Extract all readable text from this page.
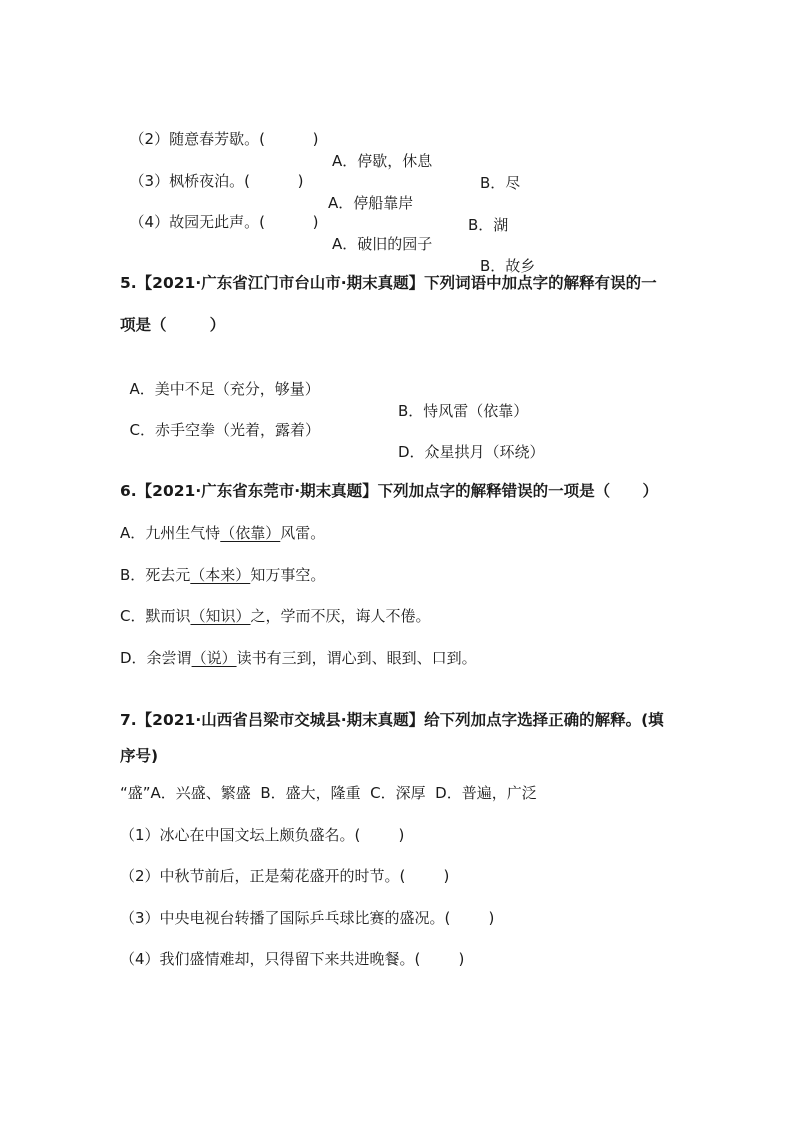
（2）随意春芳歇。(          )

A．停歇，休息

B．尽

（3）枫桥夜泊。(          )

A．停船靠岸

B．湖

（4）故园无此声。(          )

A．破旧的园子

B．故乡

5.【2021·广东省江门市台山市·期末真题】下列词语中加点字的解释有误的一
项是（        ）

A．美中不足（充分，够量）

B．恃风雷（依靠）

C．赤手空拳（光着，露着）

D．众星拱月（环绕）

6.【2021·广东省东莞市·期末真题】下列加点字的解释错误的一项是（      ）
A．九州生气恃（依靠）风雷。
B．死去元（本来）知万事空。
C．默而识（知识）之，学而不厌，诲人不倦。
D．余尝谓（说）读书有三到，谓心到、眼到、口到。
7.【2021·山西省吕梁市交城县·期末真题】给下列加点字选择正确的解释。(填
序号)
“盛”A．兴盛、繁盛  B．盛大，隆重  C．深厚  D．普遍，广泛
（1）冰心在中国文坛上颇负盛名。(        )
（2）中秋节前后，正是菊花盛开的时节。(        )
（3）中央电视台转播了国际乒乓球比赛的盛况。(        )
（4）我们盛情难却，只得留下来共进晚餐。(        )
